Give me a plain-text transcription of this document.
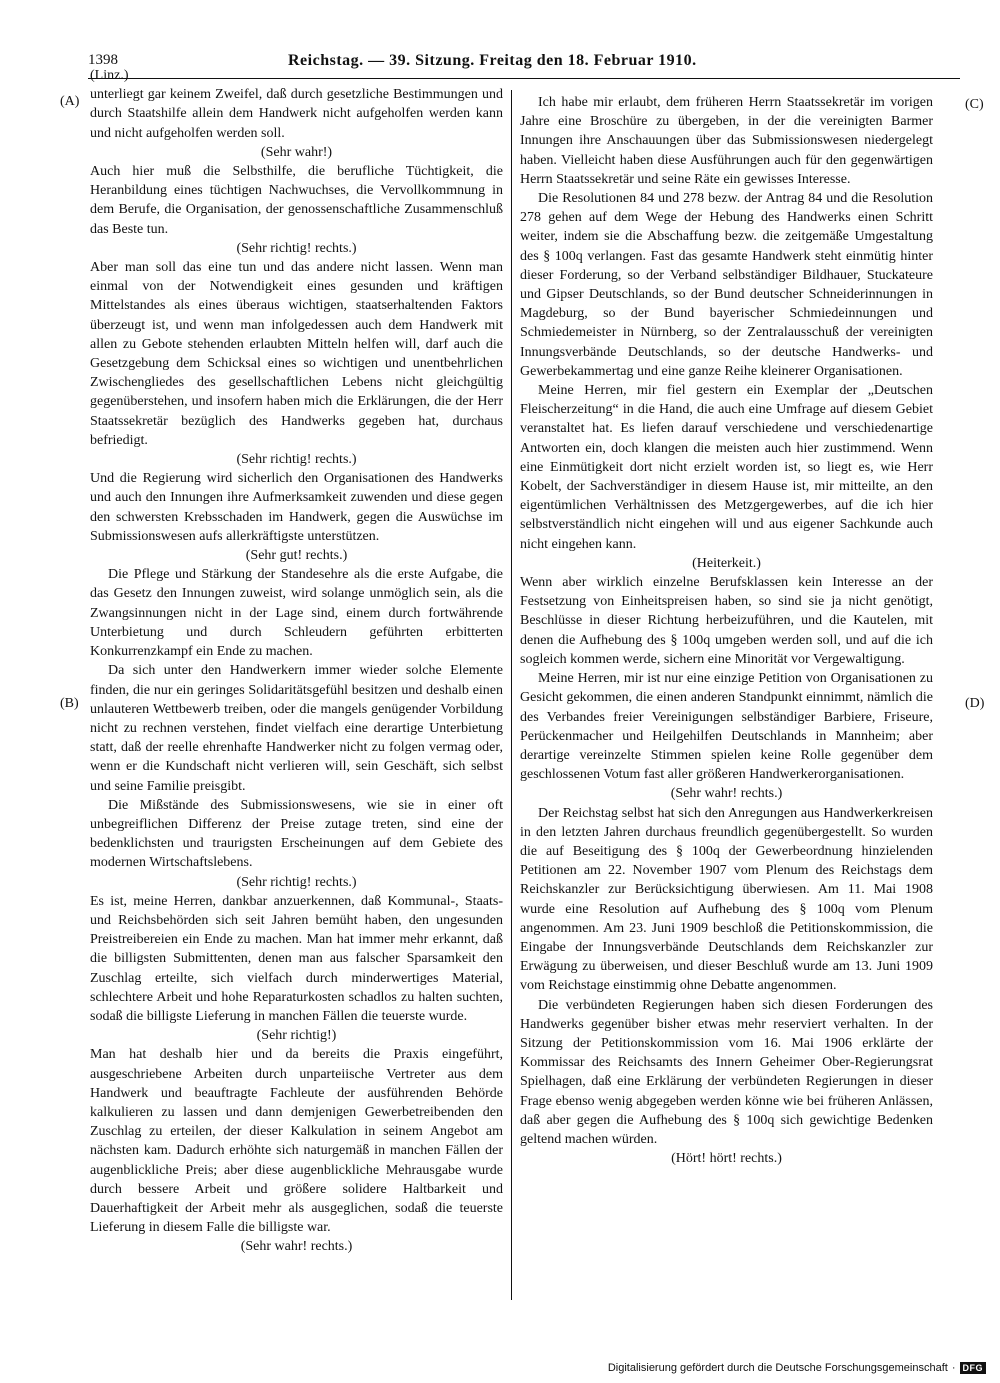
1398	Reichstag. — 39. Sitzung. Freitag den 18. Februar 1910.
(A)
(B)
(C)
(D)

(Linz.)

unterliegt gar keinem Zweifel, daß durch gesetzliche Bestimmungen und durch Staatshilfe allein dem Handwerk nicht aufgeholfen werden kann und nicht aufgeholfen werden soll.

(Sehr wahr!)

Auch hier muß die Selbsthilfe, die berufliche Tüchtigkeit, die Heranbildung eines tüchtigen Nachwuchses, die Vervollkommnung in dem Berufe, die Organisation, der genossenschaftliche Zusammenschluß das Beste tun.

(Sehr richtig! rechts.)

Aber man soll das eine tun und das andere nicht lassen. Wenn man einmal von der Notwendigkeit eines gesunden und kräftigen Mittelstandes als eines überaus wichtigen, staatserhaltenden Faktors überzeugt ist, und wenn man infolgedessen auch dem Handwerk mit allen zu Gebote stehenden erlaubten Mitteln helfen will, darf auch die Gesetzgebung dem Schicksal eines so wichtigen und unentbehrlichen Zwischengliedes des gesellschaftlichen Lebens nicht gleichgültig gegenüberstehen, und insofern haben mich die Erklärungen, die der Herr Staatssekretär bezüglich des Handwerks gegeben hat, durchaus befriedigt.

(Sehr richtig! rechts.)

Und die Regierung wird sicherlich den Organisationen des Handwerks und auch den Innungen ihre Aufmerksamkeit zuwenden und diese gegen den schwersten Krebsschaden im Handwerk, gegen die Auswüchse im Submissionswesen aufs allerkräftigste unterstützen.

(Sehr gut! rechts.)

Die Pflege und Stärkung der Standesehre als die erste Aufgabe, die das Gesetz den Innungen zuweist, wird solange unmöglich sein, als die Zwangsinnungen nicht in der Lage sind, einem durch fortwährende Unterbietung und durch Schleudern geführten erbitterten Konkurrenzkampf ein Ende zu machen.

Da sich unter den Handwerkern immer wieder solche Elemente finden, die nur ein geringes Solidaritätsgefühl besitzen und deshalb einen unlauteren Wettbewerb treiben, oder die mangels genügender Vorbildung nicht zu rechnen verstehen, findet vielfach eine derartige Unterbietung statt, daß der reelle ehrenhafte Handwerker nicht zu folgen vermag oder, wenn er die Kundschaft nicht verlieren will, sein Geschäft, sich selbst und seine Familie preisgibt.

Die Mißstände des Submissionswesens, wie sie in einer oft unbegreiflichen Differenz der Preise zutage treten, sind eine der bedenklichsten und traurigsten Erscheinungen auf dem Gebiete des modernen Wirtschaftslebens.

(Sehr richtig! rechts.)

Es ist, meine Herren, dankbar anzuerkennen, daß Kommunal-, Staats- und Reichsbehörden sich seit Jahren bemüht haben, den ungesunden Preistreibereien ein Ende zu machen. Man hat immer mehr erkannt, daß die billigsten Submittenten, denen man aus falscher Sparsamkeit den Zuschlag erteilte, sich vielfach durch minderwertiges Material, schlechtere Arbeit und hohe Reparaturkosten schadlos zu halten suchten, sodaß die billigste Lieferung in manchen Fällen die teuerste wurde.

(Sehr richtig!)

Man hat deshalb hier und da bereits die Praxis eingeführt, ausgeschriebene Arbeiten durch unparteiische Vertreter aus dem Handwerk und beauftragte Fachleute der ausführenden Behörde kalkulieren zu lassen und dann demjenigen Gewerbetreibenden den Zuschlag zu erteilen, der dieser Kalkulation in seinem Angebot am nächsten kam. Dadurch erhöhte sich naturgemäß in manchen Fällen der augenblickliche Preis; aber diese augenblickliche Mehrausgabe wurde durch bessere Arbeit und größere solidere Haltbarkeit und Dauerhaftigkeit der Arbeit mehr als ausgeglichen, sodaß die teuerste Lieferung in diesem Falle die billigste war.

(Sehr wahr! rechts.)

Ich habe mir erlaubt, dem früheren Herrn Staatssekretär im vorigen Jahre eine Broschüre zu übergeben, in der die vereinigten Barmer Innungen ihre Anschauungen über das Submissionswesen niedergelegt haben. Vielleicht haben diese Ausführungen auch für den gegenwärtigen Herrn Staatssekretär und seine Räte ein gewisses Interesse.

Die Resolutionen 84 und 278 bezw. der Antrag 84 und die Resolution 278 gehen auf dem Wege der Hebung des Handwerks einen Schritt weiter, indem sie die Abschaffung bezw. die zeitgemäße Umgestaltung des § 100q verlangen. Fast das gesamte Handwerk steht einmütig hinter dieser Forderung, so der Verband selbständiger Bildhauer, Stuckateure und Gipser Deutschlands, so der Bund deutscher Schneiderinnungen in Magdeburg, so der Bund bayerischer Schmiedeinnungen und Schmiedemeister in Nürnberg, so der Zentralausschuß der vereinigten Innungsverbände Deutschlands, so der deutsche Handwerks- und Gewerbekammertag und eine ganze Reihe kleinerer Organisationen.

Meine Herren, mir fiel gestern ein Exemplar der „Deutschen Fleischerzeitung“ in die Hand, die auch eine Umfrage auf diesem Gebiet veranstaltet hat. Es liefen darauf verschiedene und verschiedenartige Antworten ein, doch klangen die meisten auch hier zustimmend. Wenn eine Einmütigkeit dort nicht erzielt worden ist, so liegt es, wie Herr Kobelt, der Sachverständiger in diesem Hause ist, mir mitteilte, an den eigentümlichen Verhältnissen des Metzgergewerbes, auf die ich hier selbstverständlich nicht eingehen will und aus eigener Sachkunde auch nicht eingehen kann.

(Heiterkeit.)

Wenn aber wirklich einzelne Berufsklassen kein Interesse an der Festsetzung von Einheitspreisen haben, so sind sie ja nicht genötigt, Beschlüsse in dieser Richtung herbeizuführen, und die Kautelen, mit denen die Aufhebung des § 100q umgeben werden soll, und auf die ich sogleich kommen werde, sichern eine Minorität vor Vergewaltigung.

Meine Herren, mir ist nur eine einzige Petition von Organisationen zu Gesicht gekommen, die einen anderen Standpunkt einnimmt, nämlich die des Verbandes freier Vereinigungen selbständiger Barbiere, Friseure, Perückenmacher und Heilgehilfen Deutschlands in Mannheim; aber derartige vereinzelte Stimmen spielen keine Rolle gegenüber dem geschlossenen Votum fast aller größeren Handwerkerorganisationen.

(Sehr wahr! rechts.)

Der Reichstag selbst hat sich den Anregungen aus Handwerkerkreisen in den letzten Jahren durchaus freundlich gegenübergestellt. So wurden die auf Beseitigung des § 100q der Gewerbeordnung hinzielenden Petitionen am 22. November 1907 vom Plenum des Reichstags dem Reichskanzler zur Berücksichtigung überwiesen. Am 11. Mai 1908 wurde eine Resolution auf Aufhebung des § 100q vom Plenum angenommen. Am 23. Juni 1909 beschloß die Petitionskommission, die Eingabe der Innungsverbände Deutschlands dem Reichskanzler zur Erwägung zu überweisen, und dieser Beschluß wurde am 13. Juni 1909 vom Reichstage einstimmig ohne Debatte angenommen.

Die verbündeten Regierungen haben sich diesen Forderungen des Handwerks gegenüber bisher etwas mehr reserviert verhalten. In der Sitzung der Petitionskommission vom 16. Mai 1906 erklärte der Kommissar des Reichsamts des Innern Geheimer Ober-Regierungsrat Spielhagen, daß eine Erklärung der verbündeten Regierungen in dieser Frage ebenso wenig abgegeben werden könne wie bei früheren Anlässen, daß aber gegen die Aufhebung des § 100q sich gewichtige Bedenken geltend machen würden.

(Hört! hört! rechts.)

Digitalisierung gefördert durch die Deutsche Forschungsgemeinschaft · DFG
